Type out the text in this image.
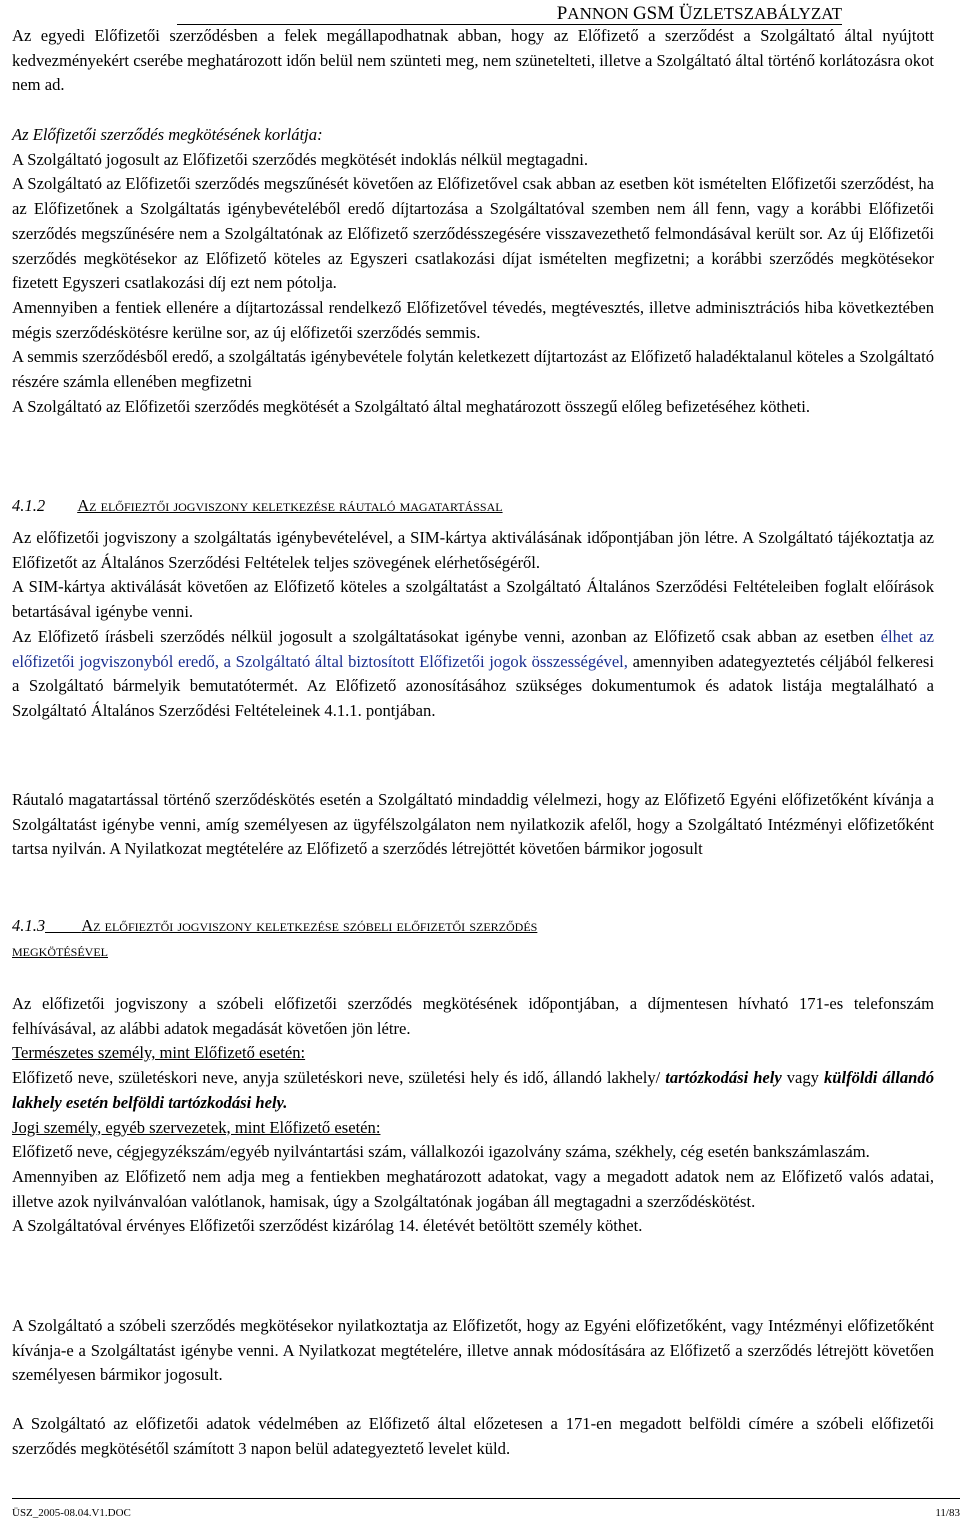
PANNON GSM ÜZLETSZABÁLYZAT

Az egyedi Előfizetői szerződésben a felek megállapodhatnak abban, hogy az Előfizető a szerződést a Szolgáltató által nyújtott kedvezményekért cserébe meghatározott időn belül nem szünteti meg, nem szünetelteti, illetve a Szolgáltató által történő korlátozásra okot nem ad.

Az Előfizetői szerződés megkötésének korlátja:

A Szolgáltató jogosult az Előfizetői szerződés megkötését indoklás nélkül megtagadni.

A Szolgáltató az Előfizetői szerződés megszűnését követően az Előfizetővel csak abban az esetben köt ismételten Előfizetői szerződést, ha az Előfizetőnek a Szolgáltatás igénybevételéből eredő díjtartozása a Szolgáltatóval szemben nem áll fenn, vagy a korábbi Előfizetői szerződés megszűnésére nem a Szolgáltatónak az Előfizető szerződésszegésére visszavezethető felmondásával került sor. Az új Előfizetői szerződés megkötésekor az Előfizető köteles az Egyszeri csatlakozási díjat ismételten megfizetni; a korábbi szerződés megkötésekor fizetett Egyszeri csatlakozási díj ezt nem pótolja.

Amennyiben a fentiek ellenére a díjtartozással rendelkező Előfizetővel tévedés, megtévesztés, illetve adminisztrációs hiba következtében mégis szerződéskötésre kerülne sor, az új előfizetői szerződés semmis.

A semmis szerződésből eredő, a szolgáltatás igénybevétele folytán keletkezett díjtartozást az Előfizető haladéktalanul köteles a Szolgáltató részére számla ellenében megfizetni

A Szolgáltató az Előfizetői szerződés megkötését a Szolgáltató által meghatározott összegű előleg befizetéséhez kötheti.

4.1.2 Az előfieztői jogviszony keletkezése ráutaló magatartással

Az előfizetői jogviszony a szolgáltatás igénybevételével, a SIM-kártya aktiválásának időpontjában jön létre. A Szolgáltató tájékoztatja az Előfizetőt az Általános Szerződési Feltételek teljes szövegének elérhetőségéről.

A SIM-kártya aktiválását követően az Előfizető köteles a szolgáltatást a Szolgáltató Általános Szerződési Feltételeiben foglalt előírások betartásával igénybe venni.

Az Előfizető írásbeli szerződés nélkül jogosult a szolgáltatásokat igénybe venni, azonban az Előfizető csak abban az esetben élhet az előfizetői jogviszonyból eredő, a Szolgáltató által biztosított Előfizetői jogok összességével, amennyiben adategyeztetés céljából felkeresi a Szolgáltató bármelyik bemutatótermét. Az Előfizető azonosításához szükséges dokumentumok és adatok listája megtalálható a Szolgáltató Általános Szerződési Feltételeinek 4.1.1. pontjában.

Ráutaló magatartással történő szerződéskötés esetén a Szolgáltató mindaddig vélelmezi, hogy az Előfizető Egyéni előfizetőként kívánja a Szolgáltatást igénybe venni, amíg személyesen az ügyfélszolgálaton nem nyilatkozik afelől, hogy a Szolgáltató Intézményi előfizetőként tartsa nyilván. A Nyilatkozat megtételére az Előfizető a szerződés létrejöttét követően bármikor jogosult

4.1.3 Az előfieztői jogviszony keletkezése szóbeli előfizetői szerződés

megkötésével

Az előfizetői jogviszony a szóbeli előfizetői szerződés megkötésének időpontjában, a díjmentesen hívható 171-es telefonszám felhívásával, az alábbi adatok megadását követően jön létre.

Természetes személy, mint Előfizető esetén:

Előfizető neve, születéskori neve, anyja születéskori neve, születési hely és idő, állandó lakhely/ tartózkodási hely vagy külföldi állandó lakhely esetén belföldi tartózkodási hely.

Jogi személy, egyéb szervezetek, mint Előfizető esetén:

Előfizető neve, cégjegyzékszám/egyéb nyilvántartási szám, vállalkozói igazolvány száma, székhely, cég esetén bankszámlaszám.

Amennyiben az Előfizető nem adja meg a fentiekben meghatározott adatokat, vagy a megadott adatok nem az Előfizető valós adatai, illetve azok nyilvánvalóan valótlanok, hamisak, úgy a Szolgáltatónak jogában áll megtagadni a szerződéskötést.

A Szolgáltatóval érvényes Előfizetői szerződést kizárólag 14. életévét betöltött személy köthet.

A Szolgáltató a szóbeli szerződés megkötésekor nyilatkoztatja az Előfizetőt, hogy az Egyéni előfizetőként, vagy Intézményi előfizetőként kívánja-e a Szolgáltatást igénybe venni. A Nyilatkozat megtételére, illetve annak módosítására az Előfizető a szerződés létrejött követően személyesen bármikor jogosult.

A Szolgáltató az előfizetői adatok védelmében az Előfizető által előzetesen a 171-en megadott belföldi címére a szóbeli előfizetői szerződés megkötésétől számított 3 napon belül adategyeztető levelet küld.

ÜSZ_2005-08.04.V1.DOC	11/83
